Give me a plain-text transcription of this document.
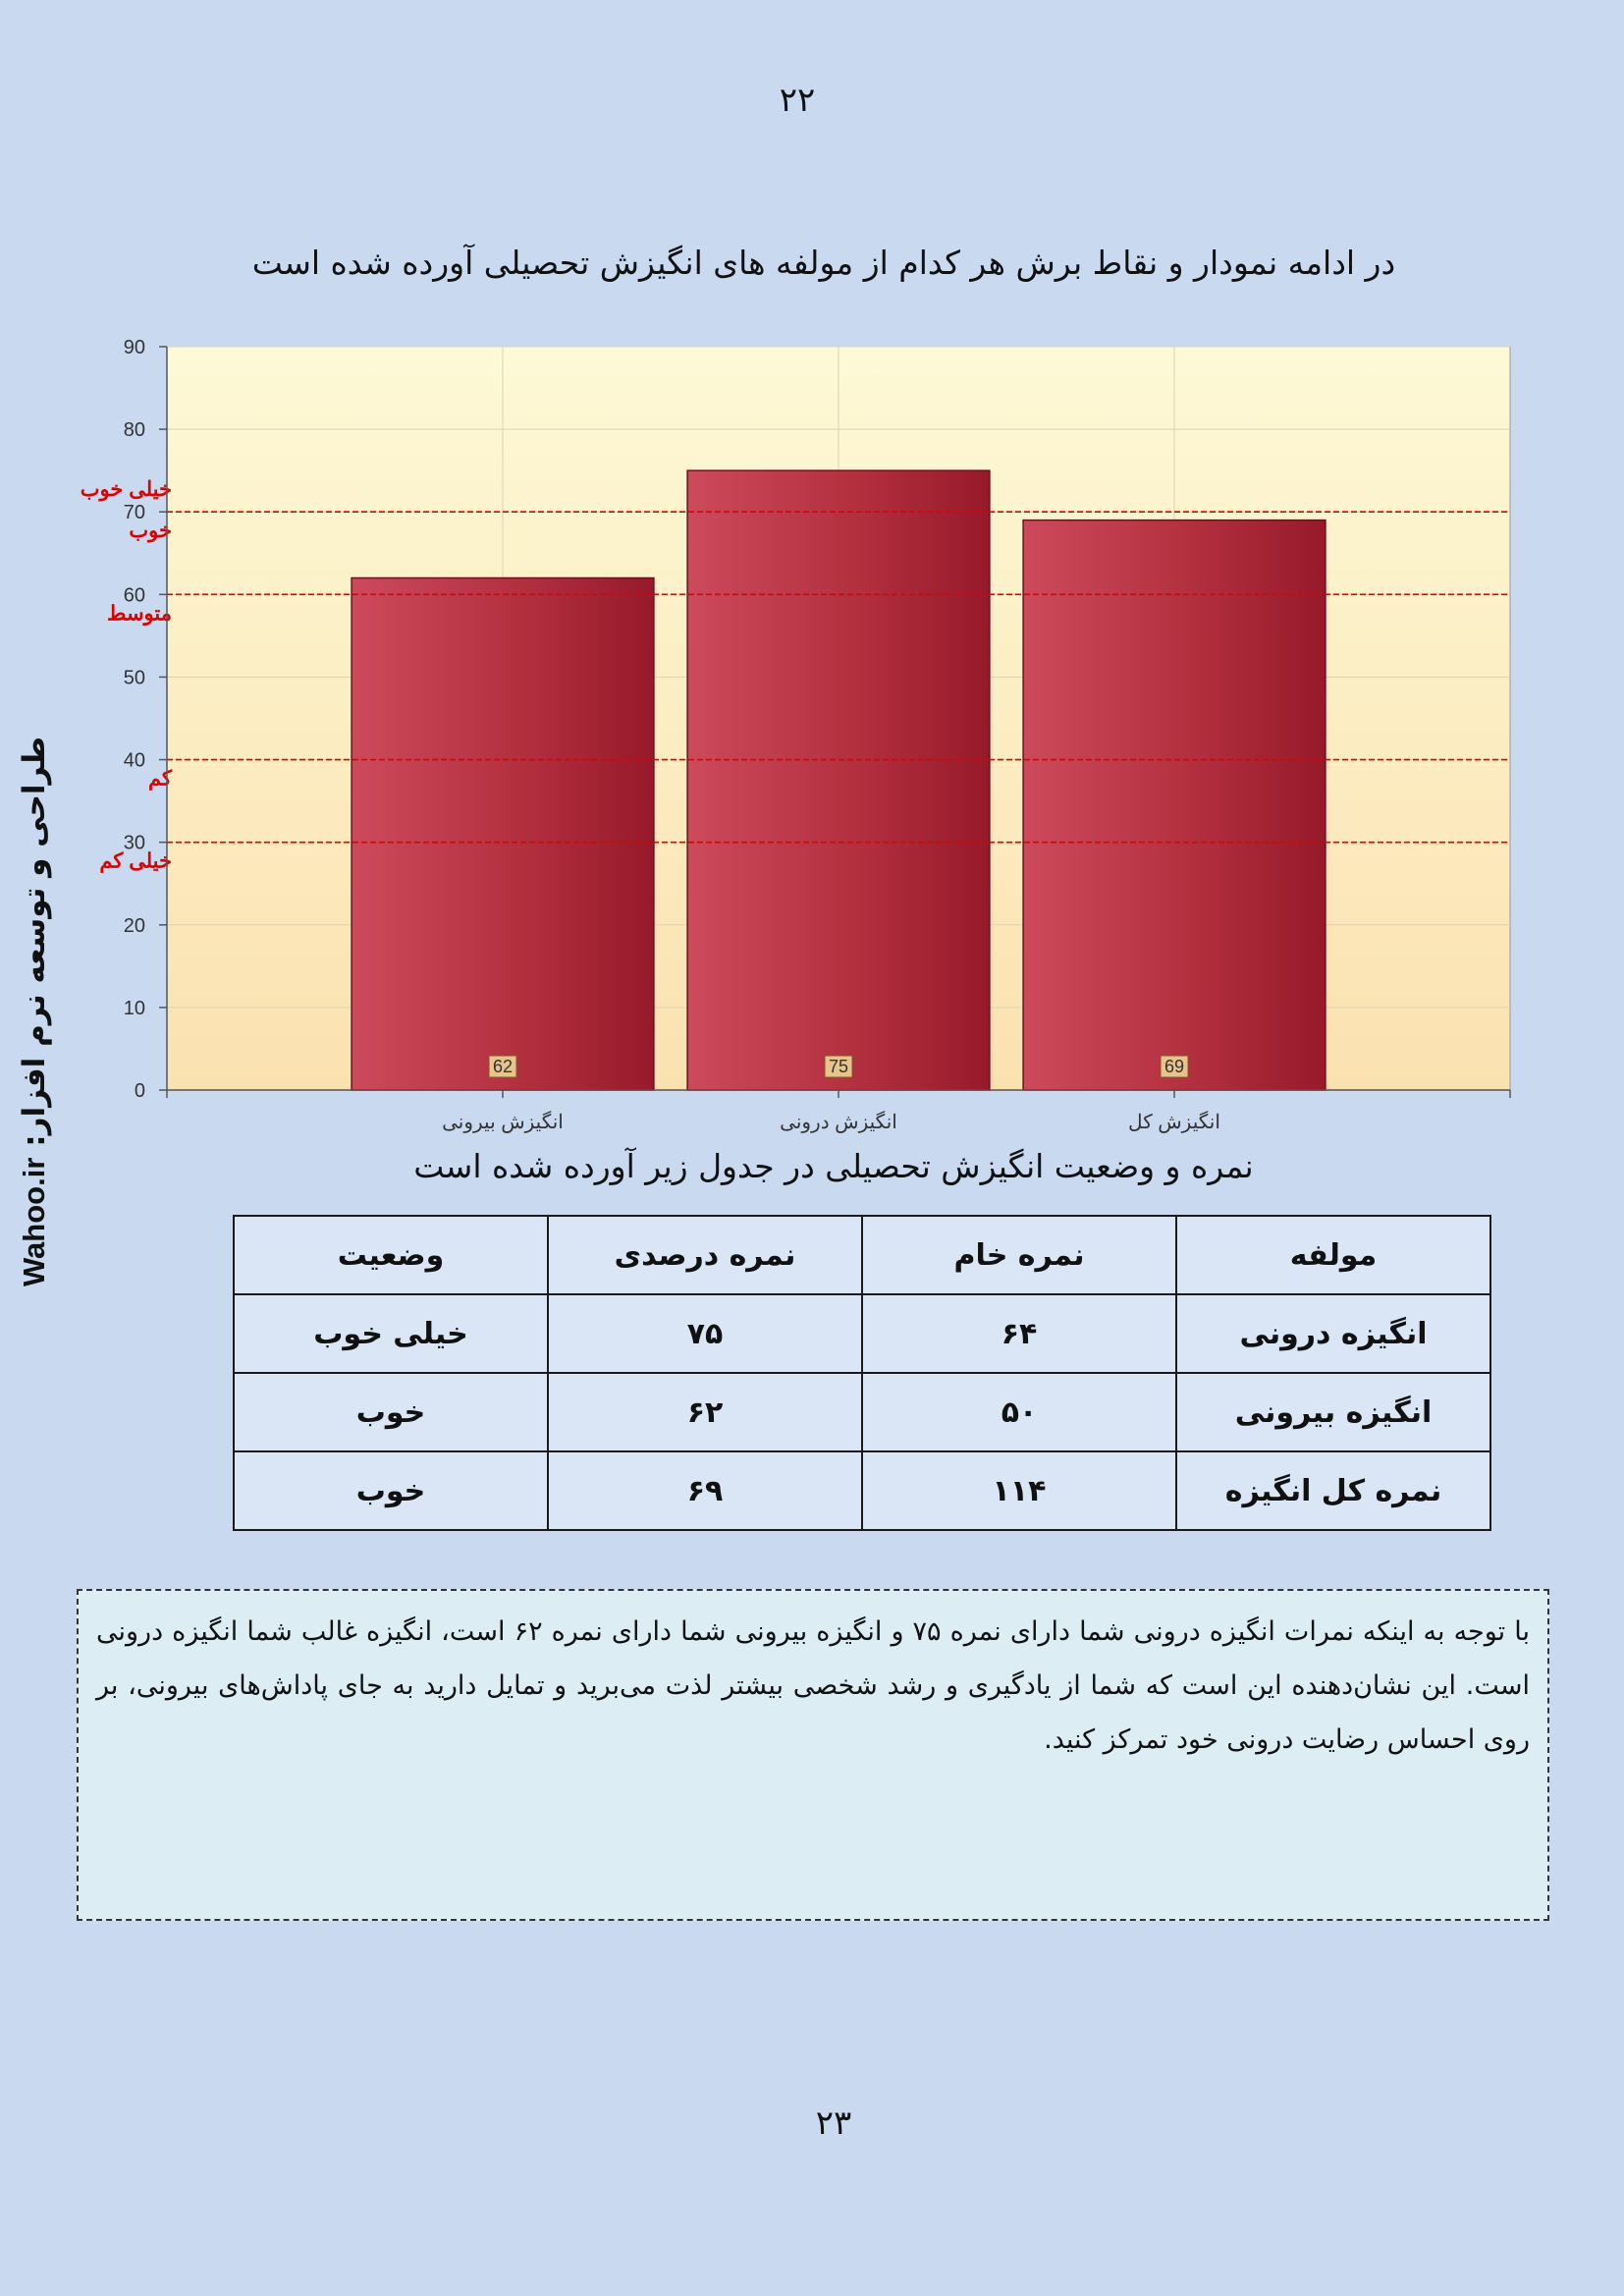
۲۲
در ادامه نمودار و نقاط برش هر کدام از مولفه های انگیزش تحصیلی آورده شده است
طراحی و توسعه نرم افزار: Wahoo.ir
62	75	69
خیلی خوب
خوب
متوسط
کم
خیلی کم
0
10
20
30
40
50
60
70
80
90
انگیزش بیرونی	انگیزش درونی	انگیزش کل
نمره و وضعیت انگیزش تحصیلی در جدول زیر آورده شده است
مولفه	نمره خام	نمره درصدی	وضعیت
انگیزه درونی	۶۴	۷۵	خیلی خوب
انگیزه بیرونی	۵۰	۶۲	خوب
نمره کل انگیزه	۱۱۴	۶۹	خوب
با توجه به اینکه نمرات انگیزه درونی شما دارای نمره ۷۵ و انگیزه بیرونی شما دارای نمره ۶۲ است، انگیزه غالب شما انگیزه درونی است. این نشان‌دهنده این است که شما از یادگیری و رشد شخصی بیشتر لذت می‌برید و تمایل دارید به جای پاداش‌های بیرونی، بر روی احساس رضایت درونی خود تمرکز کنید.
۲۳
